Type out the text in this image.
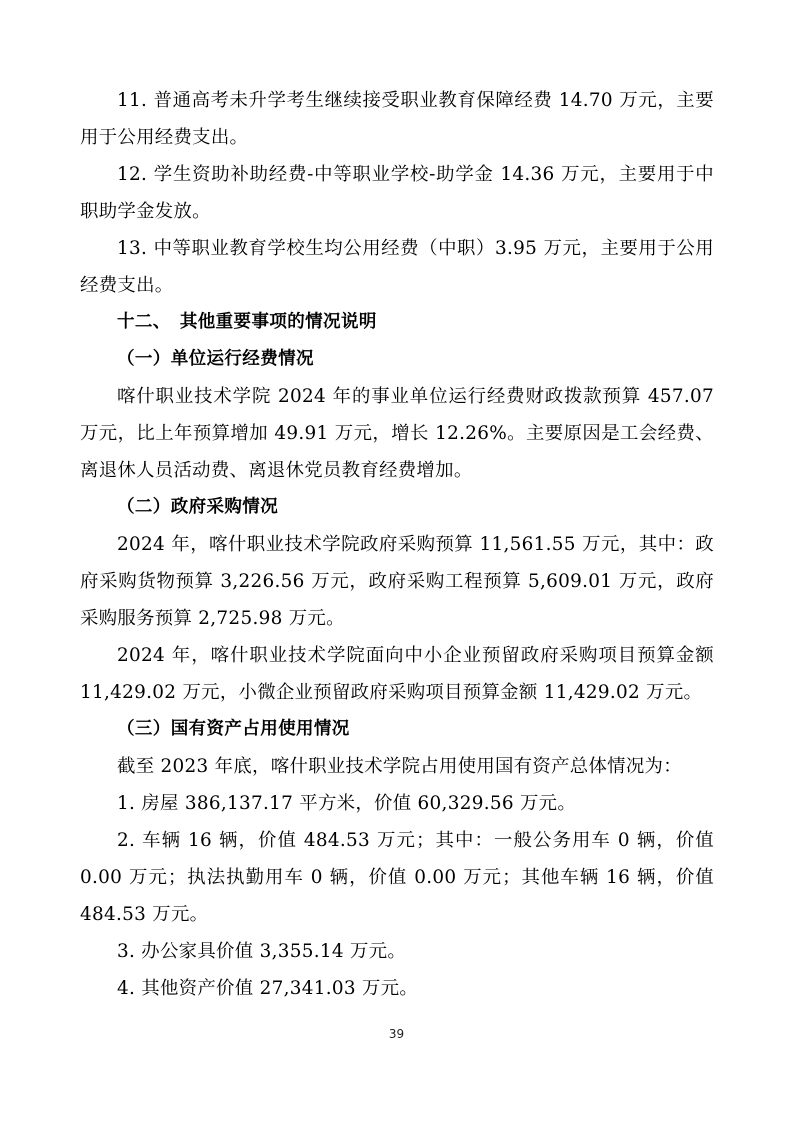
11. 普通高考未升学考生继续接受职业教育保障经费 14.70 万元，主要用于公用经费支出。

12. 学生资助补助经费-中等职业学校-助学金 14.36 万元，主要用于中职助学金发放。

13. 中等职业教育学校生均公用经费（中职）3.95 万元，主要用于公用经费支出。

十二、　其他重要事项的情况说明

（一）单位运行经费情况

喀什职业技术学院 2024 年的事业单位运行经费财政拨款预算 457.07 万元，比上年预算增加 49.91 万元，增长 12.26%。主要原因是工会经费、离退休人员活动费、离退休党员教育经费增加。

（二）政府采购情况

2024 年，喀什职业技术学院政府采购预算 11,561.55 万元，其中：政府采购货物预算 3,226.56 万元，政府采购工程预算 5,609.01 万元，政府采购服务预算 2,725.98 万元。

2024 年，喀什职业技术学院面向中小企业预留政府采购项目预算金额 11,429.02 万元，小微企业预留政府采购项目预算金额 11,429.02 万元。

（三）国有资产占用使用情况

截至 2023 年底，喀什职业技术学院占用使用国有资产总体情况为：

1. 房屋 386,137.17 平方米，价值 60,329.56 万元。

2. 车辆 16 辆，价值 484.53 万元；其中：一般公务用车 0 辆，价值 0.00 万元；执法执勤用车 0 辆，价值 0.00 万元；其他车辆 16 辆，价值 484.53 万元。

3. 办公家具价值 3,355.14 万元。

4. 其他资产价值 27,341.03 万元。

39
